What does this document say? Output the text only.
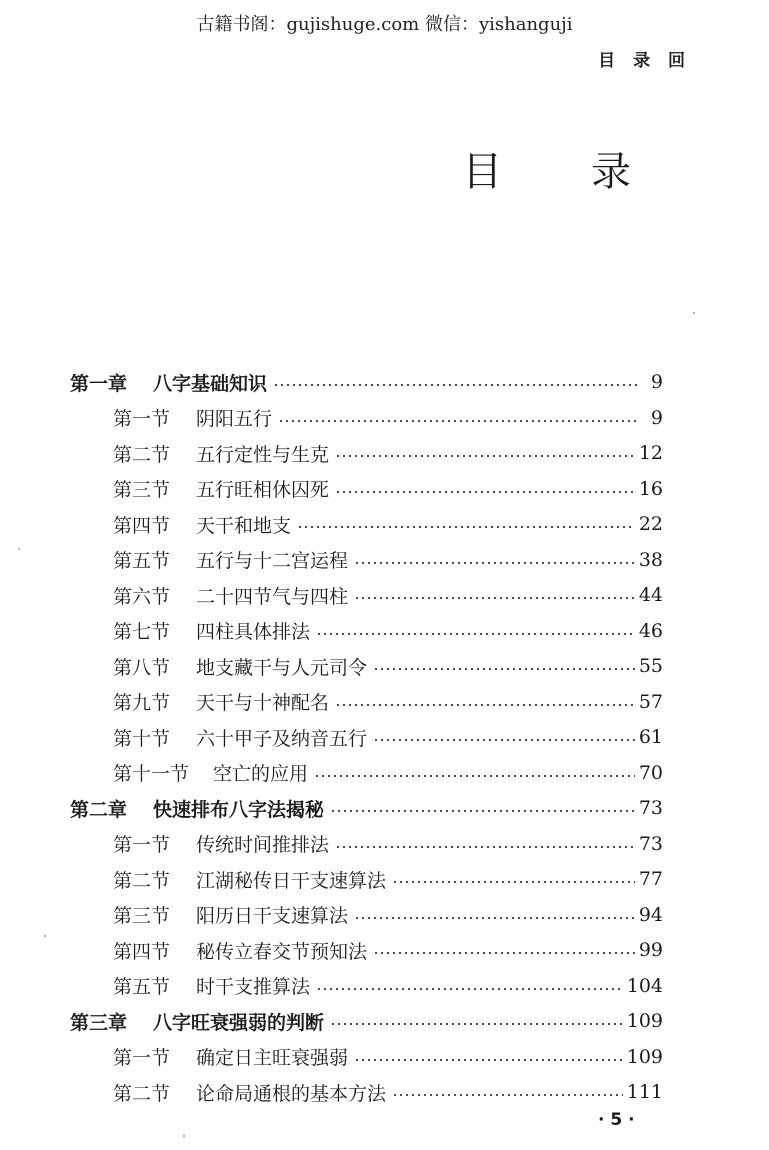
古籍书阁：gujishuge.com 微信：yishanguji
目 录 回
目 录
第一章 八字基础知识	9
第一节 阴阳五行	9
第二节 五行定性与生克	12
第三节 五行旺相休囚死	16
第四节 天干和地支	22
第五节 五行与十二宫运程	38
第六节 二十四节气与四柱	44
第七节 四柱具体排法	46
第八节 地支藏干与人元司令	55
第九节 天干与十神配名	57
第十节 六十甲子及纳音五行	61
第十一节 空亡的应用	70
第二章 快速排布八字法揭秘	73
第一节 传统时间推排法	73
第二节 江湖秘传日干支速算法	77
第三节 阳历日干支速算法	94
第四节 秘传立春交节预知法	99
第五节 时干支推算法	104
第三章 八字旺衰强弱的判断	109
第一节 确定日主旺衰强弱	109
第二节 论命局通根的基本方法	111
· 5 ·
